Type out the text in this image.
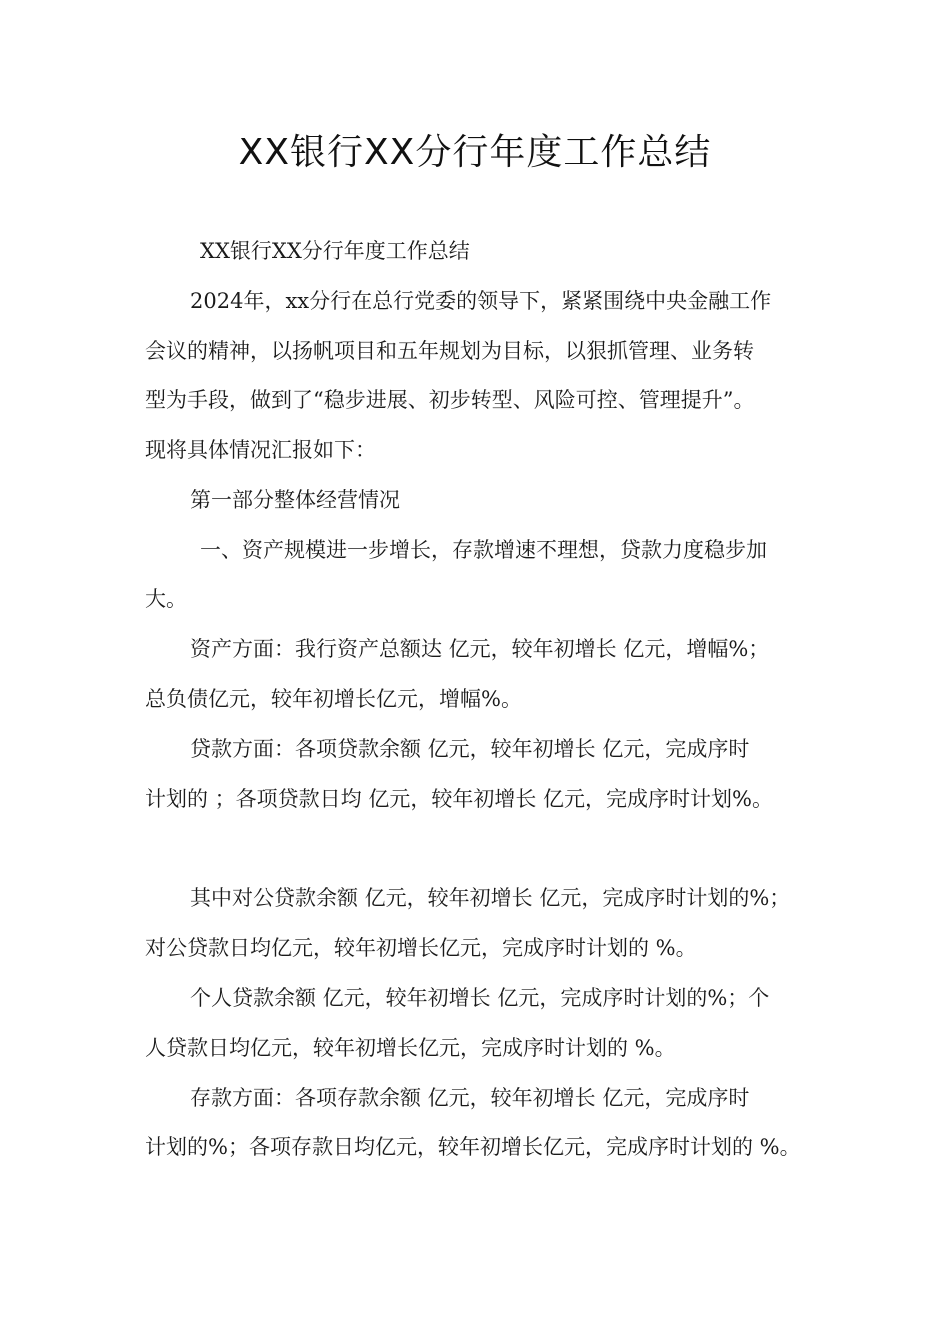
XX银行XX分行年度工作总结

XX银行XX分行年度工作总结

2024年，xx分行在总行党委的领导下，紧紧围绕中央金融工作

会议的精神，以扬帆项目和五年规划为目标，以狠抓管理、业务转

型为手段，做到了“稳步进展、初步转型、风险可控、管理提升”。

现将具体情况汇报如下：

第一部分整体经营情况

一、资产规模进一步增长，存款增速不理想，贷款力度稳步加

大。

资产方面：我行资产总额达 亿元，较年初增长 亿元，增幅%；

总负债亿元，较年初增长亿元，增幅%。

贷款方面：各项贷款余额 亿元，较年初增长 亿元，完成序时

计划的 ；各项贷款日均 亿元，较年初增长 亿元，完成序时计划%。

其中对公贷款余额 亿元，较年初增长 亿元，完成序时计划的%；

对公贷款日均亿元，较年初增长亿元，完成序时计划的 %。

个人贷款余额 亿元，较年初增长 亿元，完成序时计划的%；个

人贷款日均亿元，较年初增长亿元，完成序时计划的 %。

存款方面：各项存款余额 亿元，较年初增长 亿元，完成序时

计划的%；各项存款日均亿元，较年初增长亿元，完成序时计划的 %。
